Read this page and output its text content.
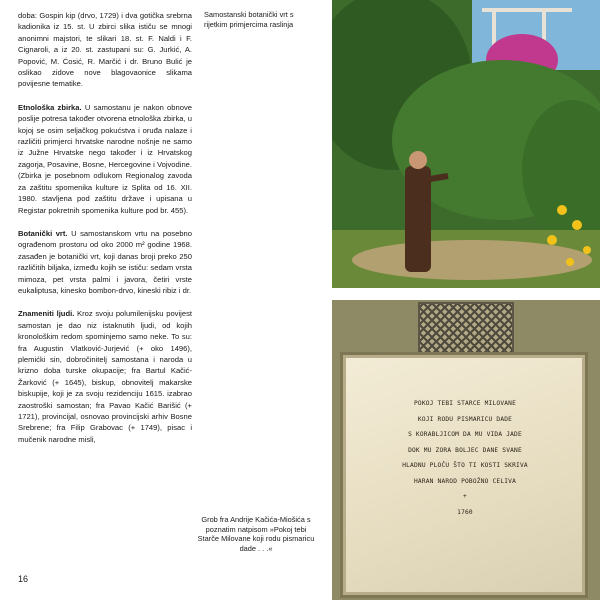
doba: Gospin kip (drvo, 1729) i dva gotička srebrna kadionika iz 15. st. U zbirci slika ističu se mnogi anonimni majstori, te slikari 18. st. F. Naldi i F. Cignaroli, a iz 20. st. zastupani su: G. Jurkić, A. Popović, M. Ćosić, R. Marčić i dr. Bruno Bulić je oslikao zidove nove blagovaonice slikama povijesne tematike.

Etnološka zbirka. U samostanu je nakon obnove poslije potresa također otvorena etnološka zbirka, u kojoj se osim seljačkog pokućstva i oruđa nalaze i različiti primjerci hrvatske narodne nošnje ne samo iz Južne Hrvatske nego također i iz Hrvatskog zagorja, Posavine, Bosne, Hercegovine i Vojvodine. (Zbirka je posebnom odlukom Regionalog zavoda za zaštitu spomenika kulture iz Splita od 16. XII. 1980. stavljena pod zaštitu države i upisana u Registar pokretnih spomenika kulture pod br. 455).

Botanički vrt. U samostanskom vrtu na posebno ograđenom prostoru od oko 2000 m² godine 1968. zasađen je botanički vrt, koji danas broji preko 250 različitih biljaka, između kojih se ističu: sedam vrsta mimoza, pet vrsta palmi i javora, četiri vrste eukaliptusa, kinesko bombon-drvo, kineski ribiz i dr.

Znameniti ljudi. Kroz svoju polumilenijsku povijest samostan je dao niz istaknutih ljudi, od kojih kronološkim redom spominjemo samo neke. To su: fra Augustin Vlatković-Jurjević (+ oko 1496), plemićki sin, dobročinitelj samostana i narodа u krizno doba turske okupacije; fra Bartul Kačić-Žarković (+ 1645), biskup, obnovitelj makarske biskupije, koji je za svoju rezidenciju 1615. izabrao zaostrоški samostan; fra Pavao Kačić Barišić (+ 1721), provincijal, osnovao provincijski arhiv Bosne Srebrene; fra Filip Grabovac (+ 1749), pisac i mučenik narodne misli,

Samostanski botanički vrt s rijetkim primjercima raslinja
Grob fra Andrije Kačića-Miošića s poznatim natpisom »Pokoj tebi Starče Milovane koji rodu pismaricu dade . . .«
16
POKOJ TEBI STARCE MILOVANE
KOJI RODU PISMARICU DADE
S KORABLJICOM DA MU VIDA JADE
DOK MU ZORA BOLJEC DANE SVANE
HLADNU PLOČU ŠTO TI KOSTI SKRIVA
HARAN NAROD POBOŽNO CELIVA
+
1760
